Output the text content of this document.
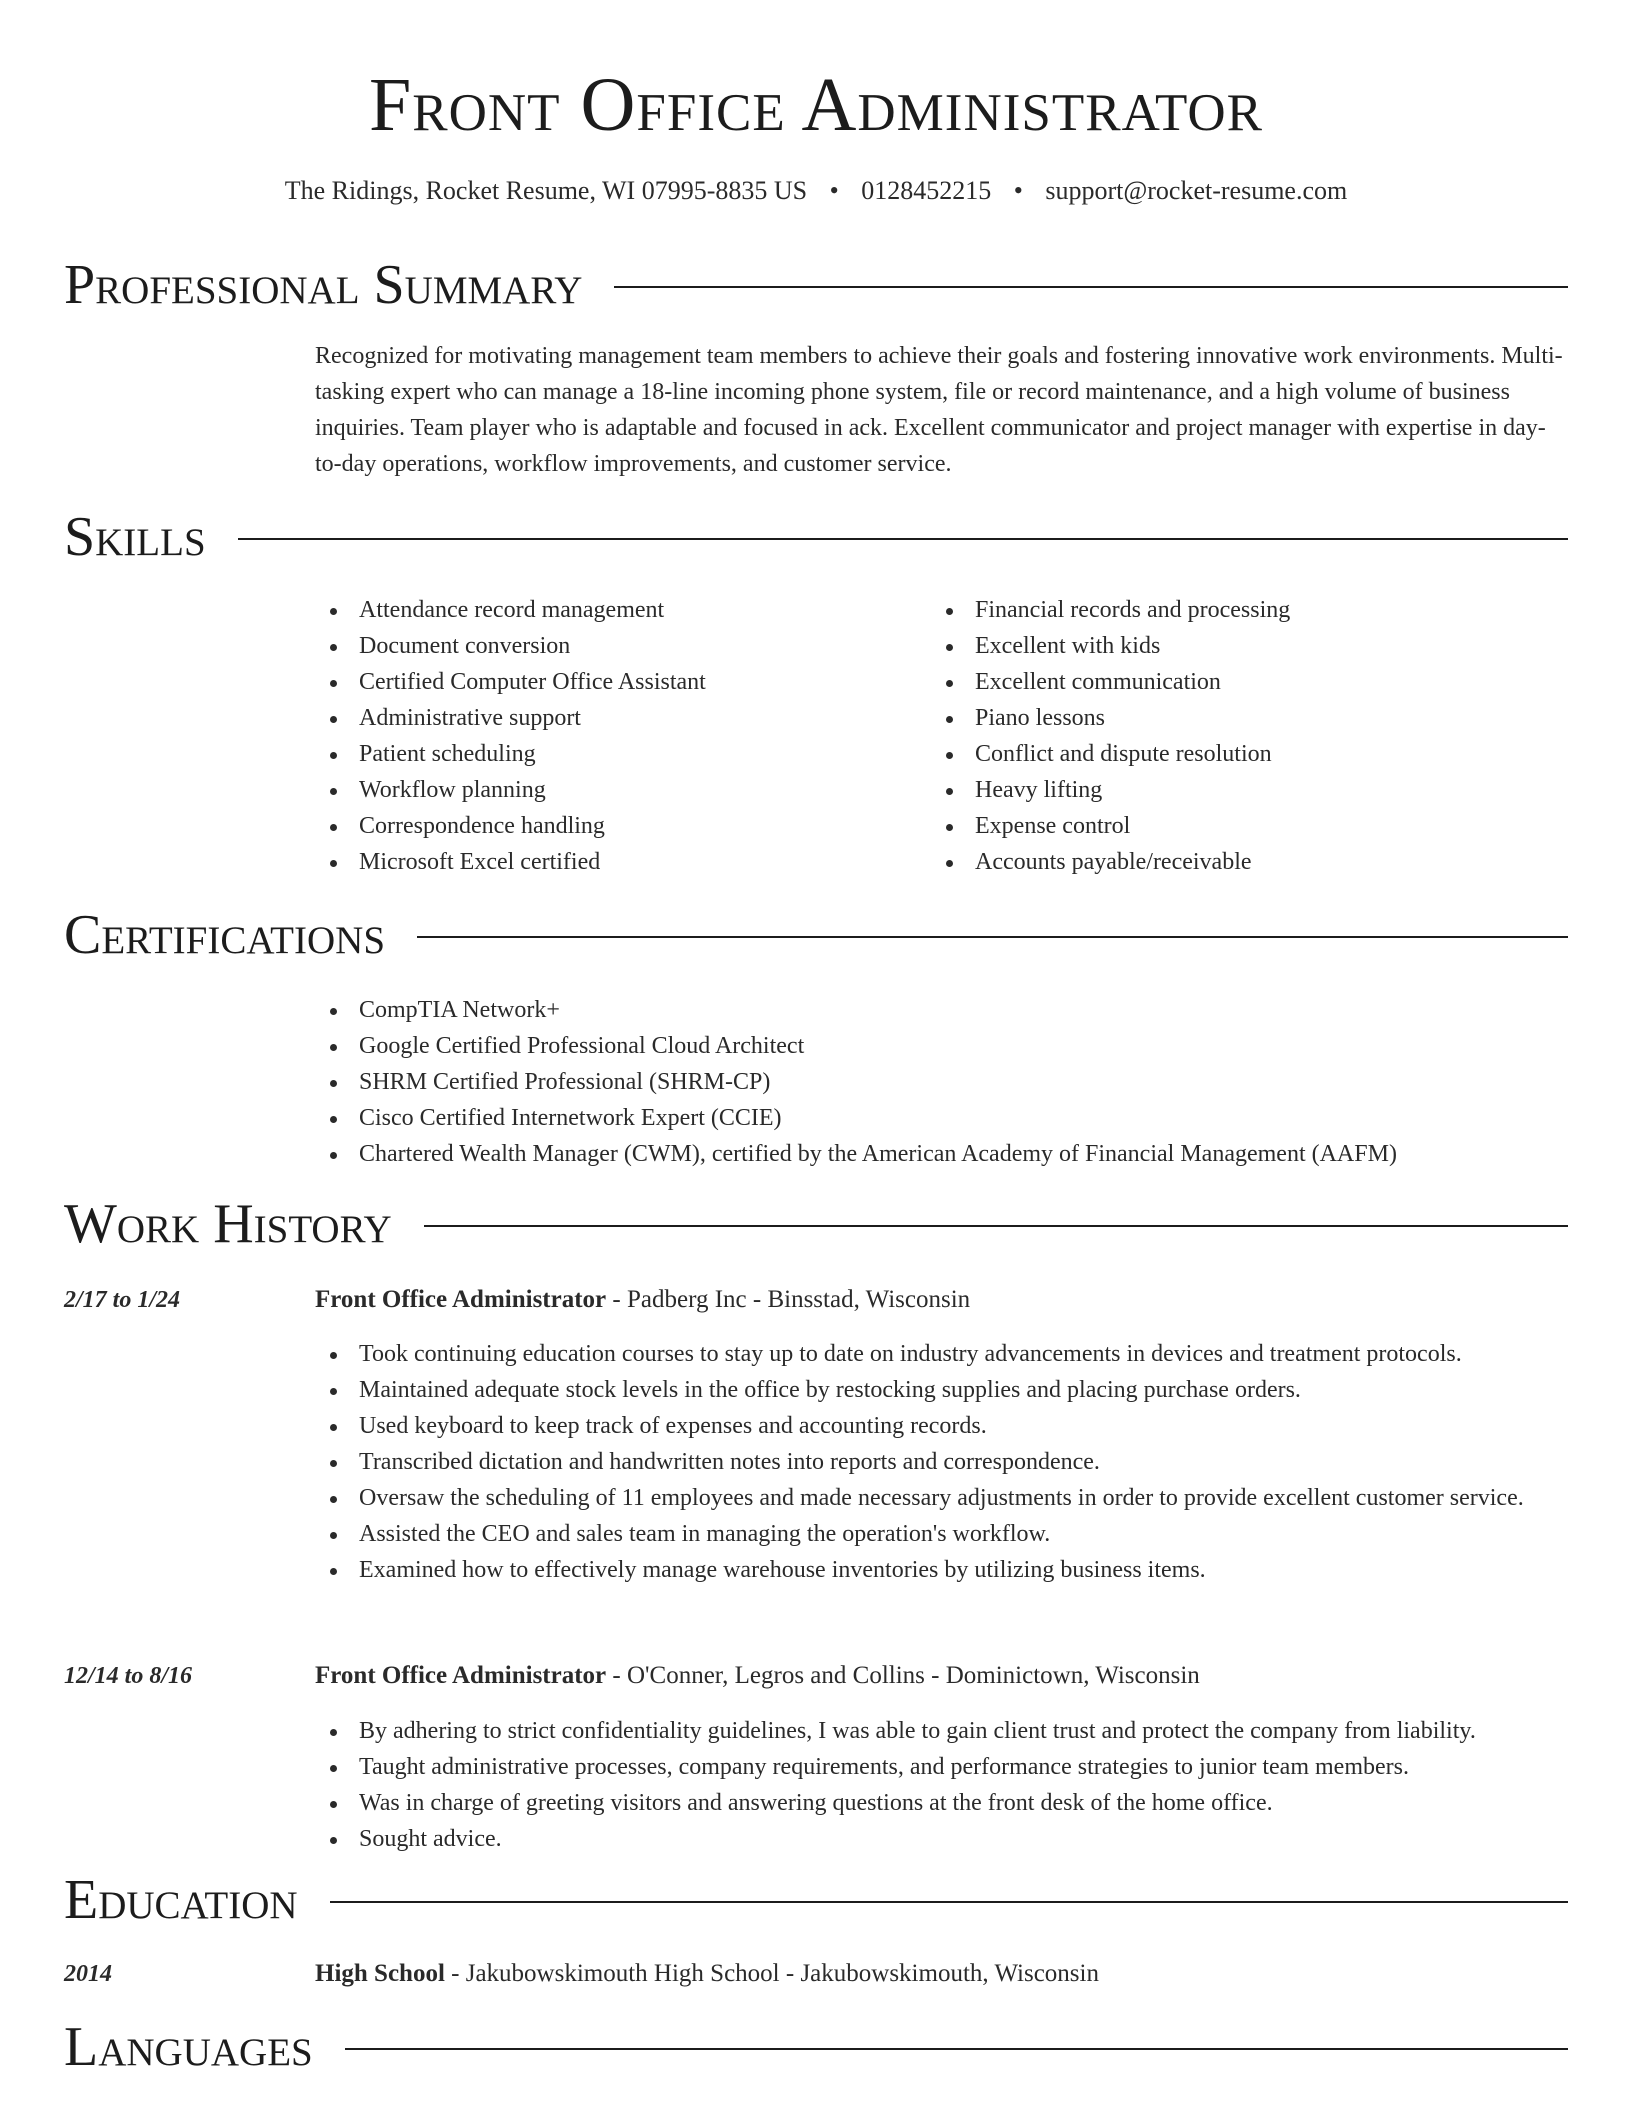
Front Office Administrator
The Ridings, Rocket Resume, WI 07995-8835 US • 0128452215 • support@rocket-resume.com
Professional Summary

Recognized for motivating management team members to achieve their goals and fostering innovative work environments. Multi-tasking expert who can manage a 18-line incoming phone system, file or record maintenance, and a high volume of business inquiries. Team player who is adaptable and focused in ack. Excellent communicator and project manager with expertise in day-to-day operations, workflow improvements, and customer service.

Skills
Attendance record management
Document conversion
Certified Computer Office Assistant
Administrative support
Patient scheduling
Workflow planning
Correspondence handling
Microsoft Excel certified
Financial records and processing
Excellent with kids
Excellent communication
Piano lessons
Conflict and dispute resolution
Heavy lifting
Expense control
Accounts payable/receivable
Certifications
CompTIA Network+
Google Certified Professional Cloud Architect
SHRM Certified Professional (SHRM-CP)
Cisco Certified Internetwork Expert (CCIE)
Chartered Wealth Manager (CWM), certified by the American Academy of Financial Management (AAFM)
Work History
2/17 to 1/24	Front Office Administrator - Padberg Inc - Binsstad, Wisconsin
Took continuing education courses to stay up to date on industry advancements in devices and treatment protocols.
Maintained adequate stock levels in the office by restocking supplies and placing purchase orders.
Used keyboard to keep track of expenses and accounting records.
Transcribed dictation and handwritten notes into reports and correspondence.
Oversaw the scheduling of 11 employees and made necessary adjustments in order to provide excellent customer service.
Assisted the CEO and sales team in managing the operation's workflow.
Examined how to effectively manage warehouse inventories by utilizing business items.
12/14 to 8/16	Front Office Administrator - O'Conner, Legros and Collins - Dominictown, Wisconsin
By adhering to strict confidentiality guidelines, I was able to gain client trust and protect the company from liability.
Taught administrative processes, company requirements, and performance strategies to junior team members.
Was in charge of greeting visitors and answering questions at the front desk of the home office.
Sought advice.
Education
2014	High School - Jakubowskimouth High School - Jakubowskimouth, Wisconsin
Languages
